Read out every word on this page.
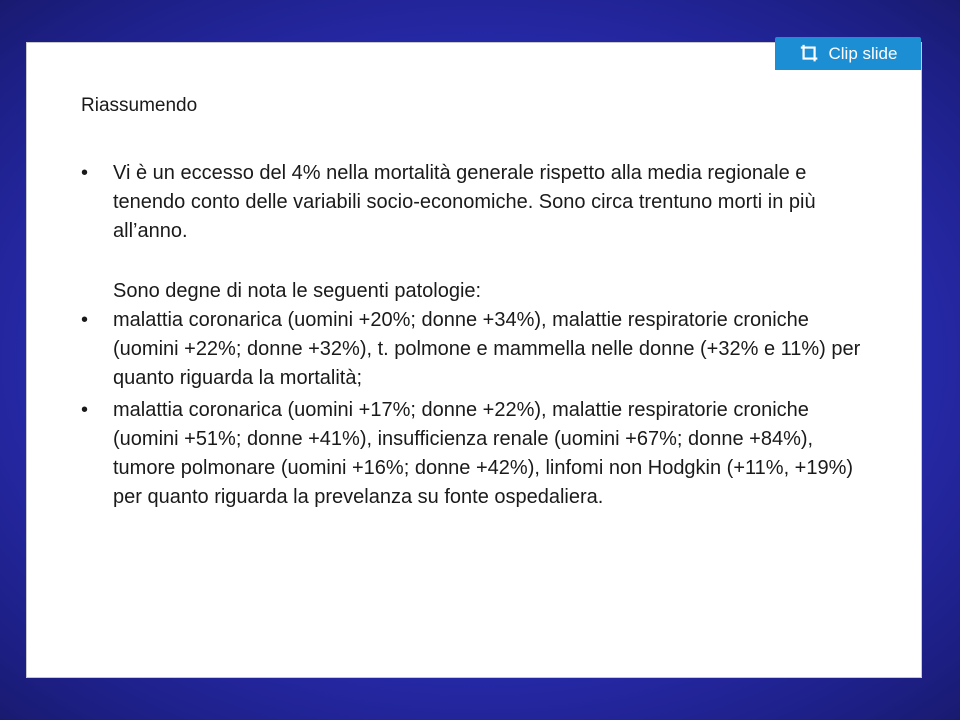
Clip slide
Riassumendo
•	Vi è un eccesso del 4% nella mortalità generale rispetto alla media regionale e tenendo conto delle variabili socio-economiche. Sono circa trentuno morti in più all’anno.
Sono degne di nota le seguenti patologie:
•	malattia coronarica (uomini +20%; donne +34%), malattie respiratorie croniche (uomini +22%; donne +32%), t. polmone e mammella nelle donne (+32% e 11%) per quanto riguarda la mortalità;
•	malattia coronarica (uomini +17%; donne +22%), malattie respiratorie croniche (uomini +51%; donne +41%), insufficienza renale (uomini +67%; donne +84%), tumore polmonare (uomini +16%; donne +42%), linfomi non Hodgkin (+11%, +19%) per quanto riguarda la prevelanza su fonte ospedaliera.
